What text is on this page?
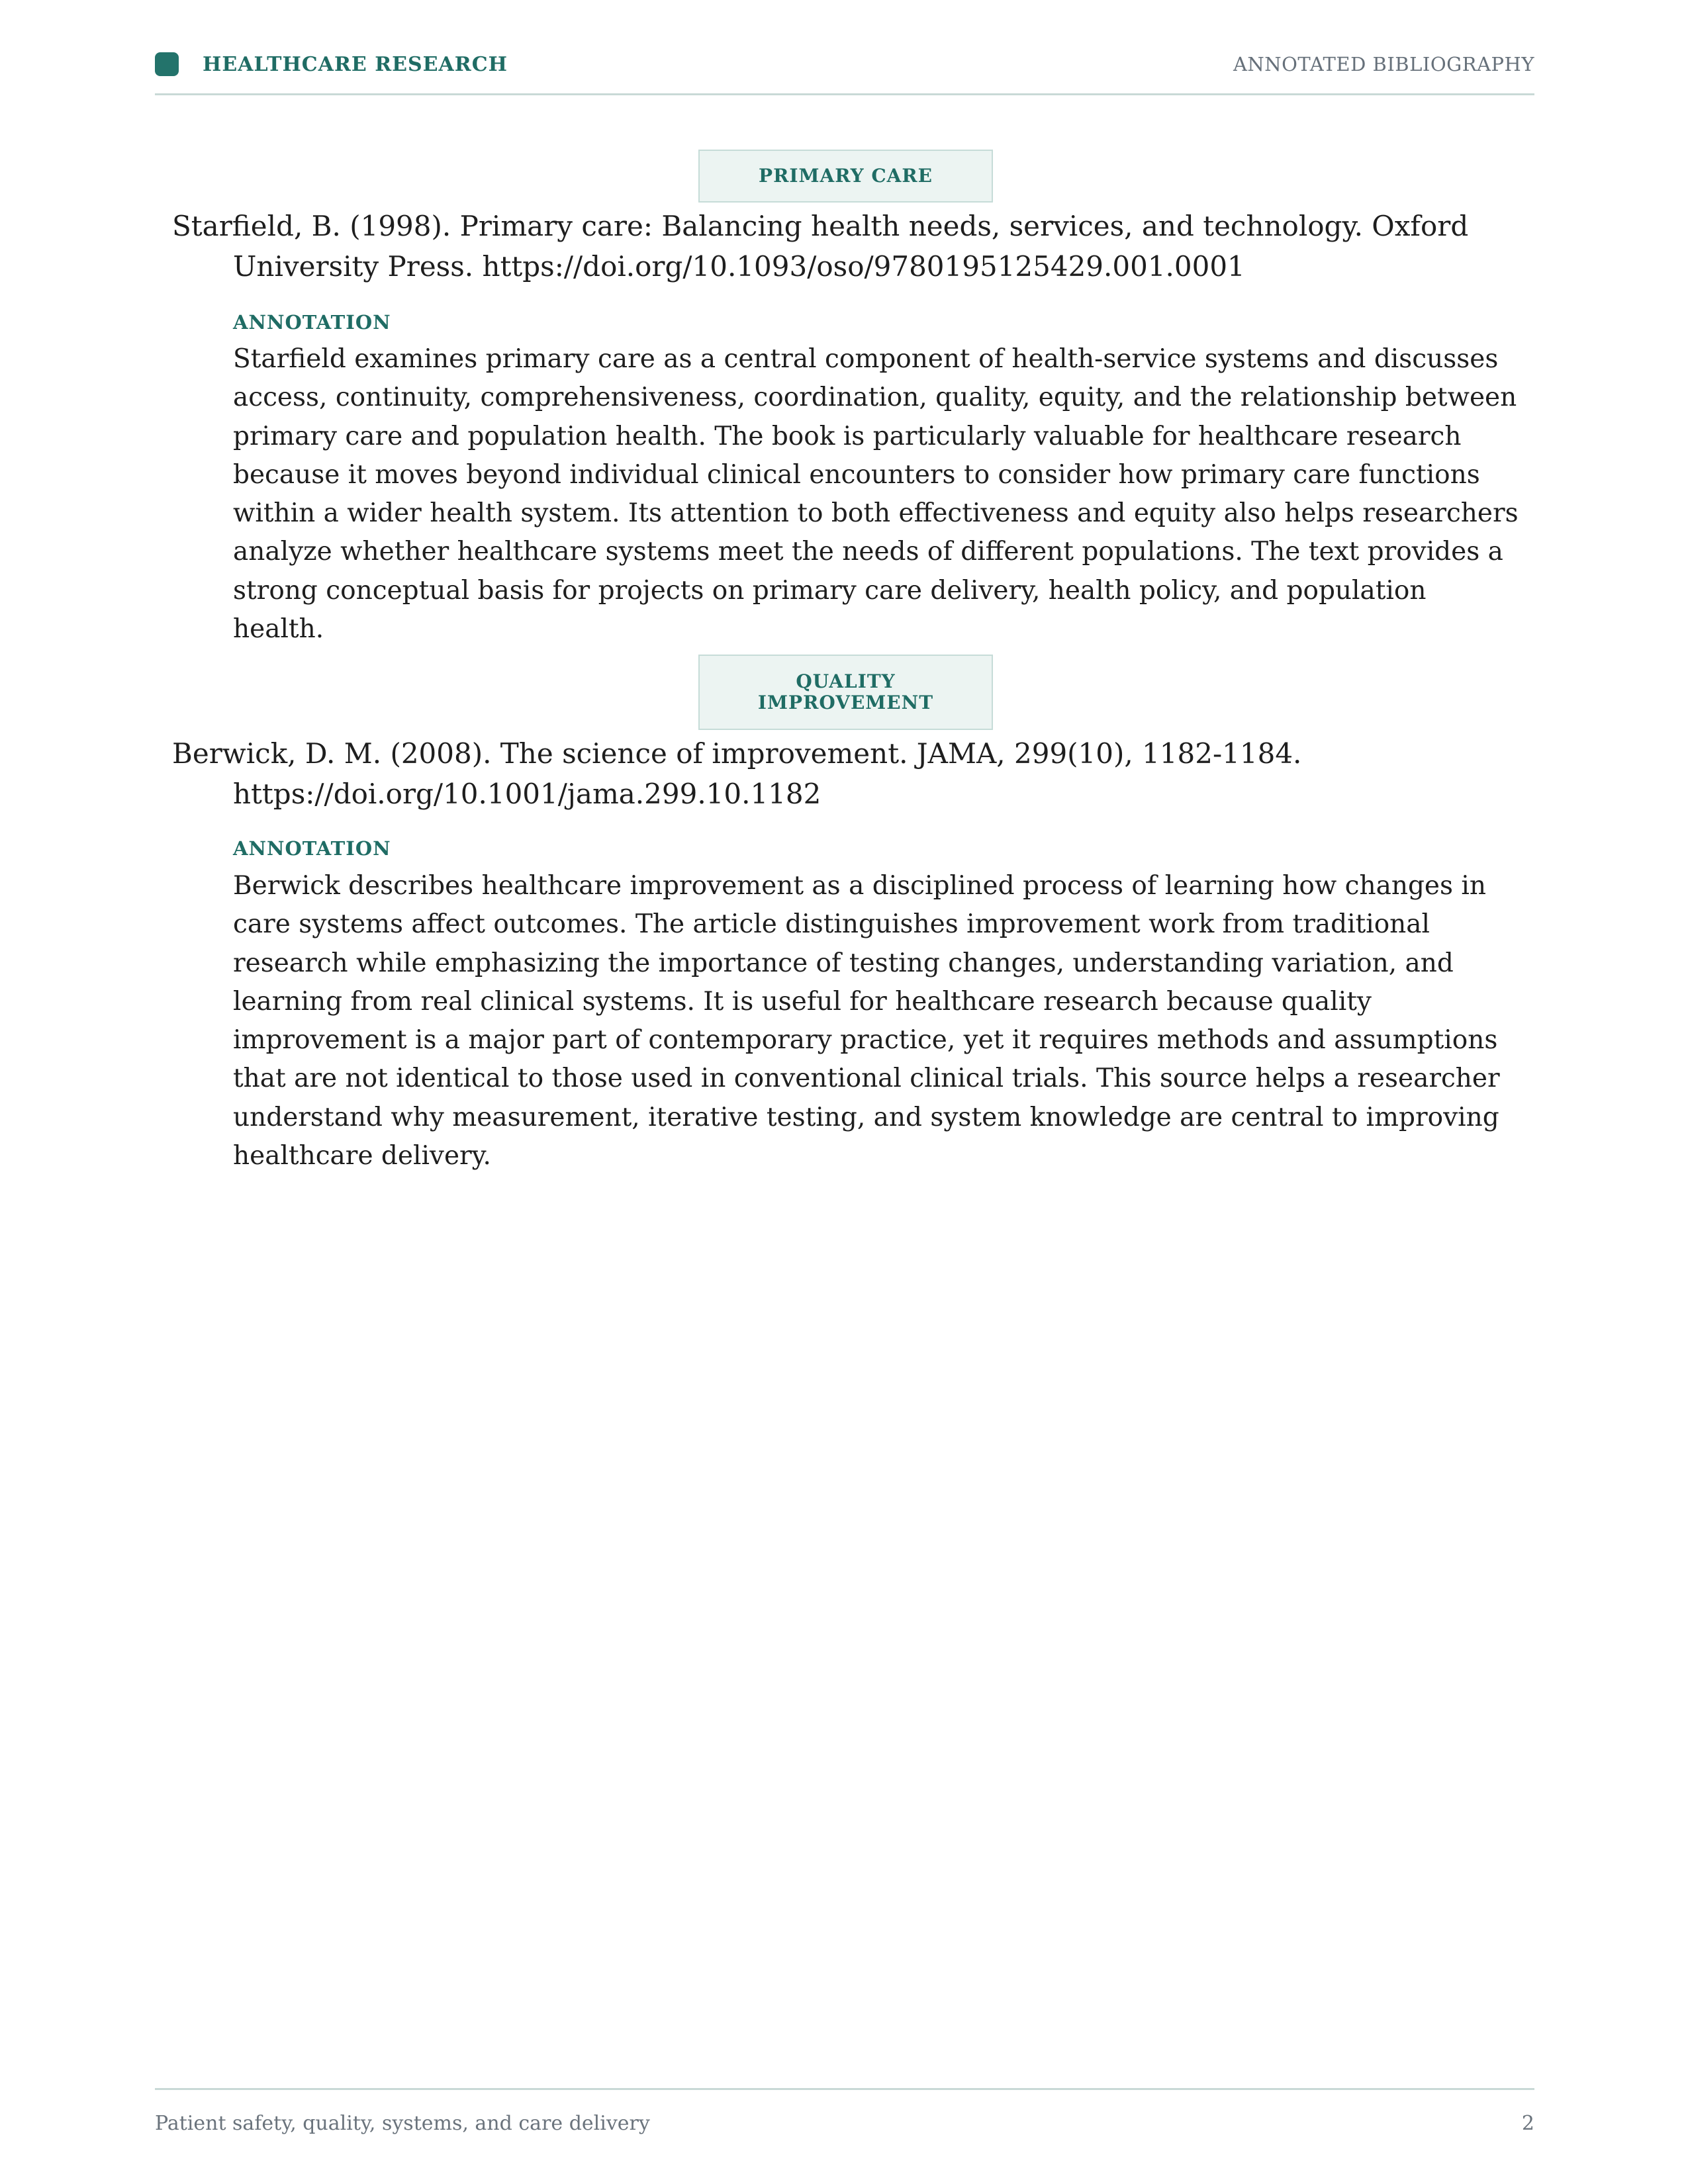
HEALTHCARE RESEARCH	ANNOTATED BIBLIOGRAPHY
PRIMARY CARE
Starfield, B. (1998). Primary care: Balancing health needs, services, and technology. Oxford University Press. https://doi.org/10.1093/oso/9780195125429.001.0001
ANNOTATION
Starfield examines primary care as a central component of health-service systems and discusses access, continuity, comprehensiveness, coordination, quality, equity, and the relationship between primary care and population health. The book is particularly valuable for healthcare research because it moves beyond individual clinical encounters to consider how primary care functions within a wider health system. Its attention to both effectiveness and equity also helps researchers analyze whether healthcare systems meet the needs of different populations. The text provides a strong conceptual basis for projects on primary care delivery, health policy, and population health.
QUALITY IMPROVEMENT
Berwick, D. M. (2008). The science of improvement. JAMA, 299(10), 1182-1184. https://doi.org/10.1001/jama.299.10.1182
ANNOTATION
Berwick describes healthcare improvement as a disciplined process of learning how changes in care systems affect outcomes. The article distinguishes improvement work from traditional research while emphasizing the importance of testing changes, understanding variation, and learning from real clinical systems. It is useful for healthcare research because quality improvement is a major part of contemporary practice, yet it requires methods and assumptions that are not identical to those used in conventional clinical trials. This source helps a researcher understand why measurement, iterative testing, and system knowledge are central to improving healthcare delivery.
Patient safety, quality, systems, and care delivery	2
